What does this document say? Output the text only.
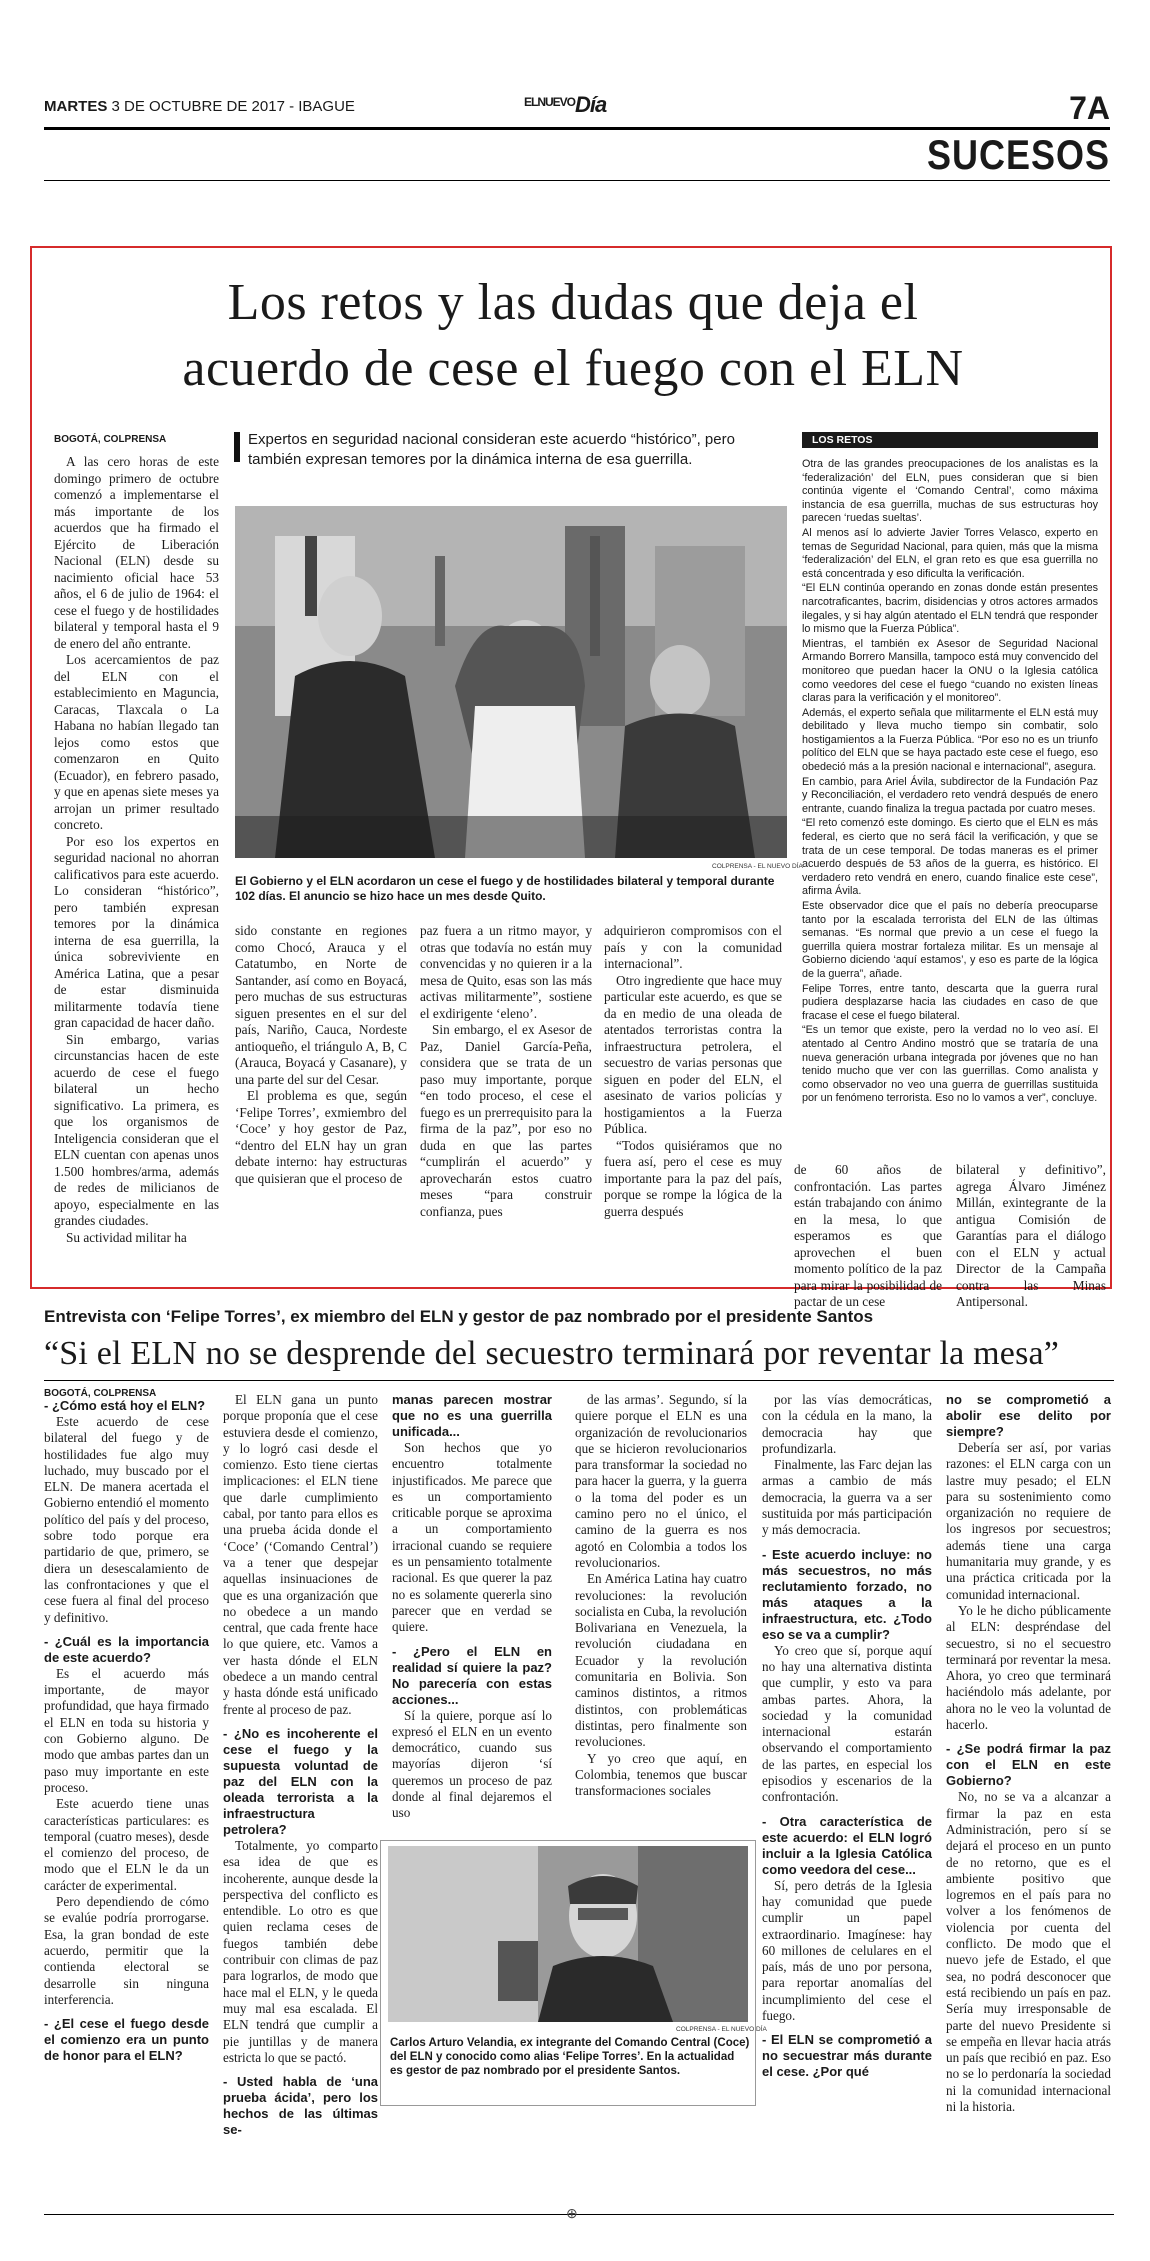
MARTES 3 DE OCTUBRE DE 2017 - IBAGUE	$^{ELNUEVO}$Día	7A
SUCESOS
Los retos y las dudas que deja el
acuerdo de cese el fuego con el ELN
BOGOTÁ, COLPRENSA

A las cero horas de este domingo primero de octubre comenzó a implementarse el más importante de los acuerdos que ha firmado el Ejército de Liberación Nacional (ELN) desde su nacimiento oficial hace 53 años, el 6 de julio de 1964: el cese el fuego y de hostilidades bilateral y temporal hasta el 9 de enero del año entrante.

Los acercamientos de paz del ELN con el establecimiento en Maguncia, Caracas, Tlaxcala o La Habana no habían llegado tan lejos como estos que comenzaron en Quito (Ecuador), en febrero pasado, y que en apenas siete meses ya arrojan un primer resultado concreto.

Por eso los expertos en seguridad nacional no ahorran calificativos para este acuerdo. Lo consideran “histórico”, pero también expresan temores por la dinámica interna de esa guerrilla, la única sobreviviente en América Latina, que a pesar de estar disminuida militarmente todavía tiene gran capacidad de hacer daño.

Sin embargo, varias circunstancias hacen de este acuerdo de cese el fuego bilateral un hecho significativo. La primera, es que los organismos de Inteligencia consideran que el ELN cuentan con apenas unos 1.500 hombres/arma, además de redes de milicianos de apoyo, especialmente en las grandes ciudades.

Su actividad militar ha

Expertos en seguridad nacional consideran este acuerdo “histórico”, pero también expresan temores por la dinámica interna de esa guerrilla.
COLPRENSA - EL NUEVO DÍA
El Gobierno y el ELN acordaron un cese el fuego y de hostilidades bilateral y temporal durante 102 días. El anuncio se hizo hace un mes desde Quito.

sido constante en regiones como Chocó, Arauca y el Catatumbo, en Norte de Santander, así como en Boyacá, pero muchas de sus estructuras siguen presentes en el sur del país, Nariño, Cauca, Nordeste antioqueño, el triángulo A, B, C (Arauca, Boyacá y Casanare), y una parte del sur del Cesar.

El problema es que, según ‘Felipe Torres’, exmiembro del ‘Coce’ y hoy gestor de Paz, “dentro del ELN hay un gran debate interno: hay estructuras que quisieran que el proceso de

paz fuera a un ritmo mayor, y otras que todavía no están muy convencidas y no quieren ir a la mesa de Quito, esas son las más activas militarmente”, sostiene el exdirigente ‘eleno’.

Sin embargo, el ex Asesor de Paz, Daniel García-Peña, considera que se trata de un paso muy importante, porque “en todo proceso, el cese el fuego es un prerrequisito para la firma de la paz”, por eso no duda en que las partes “cumplirán el acuerdo” y aprovecharán estos cuatro meses “para construir confianza, pues

adquirieron compromisos con el país y con la comunidad internacional”.

Otro ingrediente que hace muy particular este acuerdo, es que se da en medio de una oleada de atentados terroristas contra la infraestructura petrolera, el secuestro de varias personas que siguen en poder del ELN, el asesinato de varios policías y hostigamientos a la Fuerza Pública.

“Todos quisiéramos que no fuera así, pero el cese es muy importante para la paz del país, porque se rompe la lógica de la guerra después

de 60 años de confrontación. Las partes están trabajando con ánimo en la mesa, lo que esperamos es que aprovechen el buen momento político de la paz para mirar la posibilidad de pactar de un cese

bilateral y definitivo”, agrega Álvaro Jiménez Millán, exintegrante de la antigua Comisión de Garantías para el diálogo con el ELN y actual Director de la Campaña contra las Minas Antipersonal.

LOS RETOS

Otra de las grandes preocupaciones de los analistas es la ‘federalización’ del ELN, pues consideran que si bien continúa vigente el ‘Comando Central’, como máxima instancia de esa guerrilla, muchas de sus estructuras hoy parecen ‘ruedas sueltas’.

Al menos así lo advierte Javier Torres Velasco, experto en temas de Seguridad Nacional, para quien, más que la misma ‘federalización’ del ELN, el gran reto es que esa guerrilla no está concentrada y eso dificulta la verificación.

“El ELN continúa operando en zonas donde están presentes narcotraficantes, bacrim, disidencias y otros actores armados ilegales, y si hay algún atentado el ELN tendrá que responder lo mismo que la Fuerza Pública”.

Mientras, el también ex Asesor de Seguridad Nacional Armando Borrero Mansilla, tampoco está muy convencido del monitoreo que puedan hacer la ONU o la Iglesia católica como veedores del cese el fuego “cuando no existen líneas claras para la verificación y el monitoreo”.

Además, el experto señala que militarmente el ELN está muy debilitado y lleva mucho tiempo sin combatir, solo hostigamientos a la Fuerza Pública. “Por eso no es un triunfo político del ELN que se haya pactado este cese el fuego, eso obedeció más a la presión nacional e internacional”, asegura.

En cambio, para Ariel Ávila, subdirector de la Fundación Paz y Reconciliación, el verdadero reto vendrá después de enero entrante, cuando finaliza la tregua pactada por cuatro meses.

“El reto comenzó este domingo. Es cierto que el ELN es más federal, es cierto que no será fácil la verificación, y que se trata de un cese temporal. De todas maneras es el primer acuerdo después de 53 años de la guerra, es histórico. El verdadero reto vendrá en enero, cuando finalice este cese”, afirma Ávila.

Este observador dice que el país no debería preocuparse tanto por la escalada terrorista del ELN de las últimas semanas. “Es normal que previo a un cese el fuego la guerrilla quiera mostrar fortaleza militar. Es un mensaje al Gobierno diciendo ‘aquí estamos’, y eso es parte de la lógica de la guerra”, añade.

Felipe Torres, entre tanto, descarta que la guerra rural pudiera desplazarse hacia las ciudades en caso de que fracase el cese el fuego bilateral.

“Es un temor que existe, pero la verdad no lo veo así. El atentado al Centro Andino mostró que se trataría de una nueva generación urbana integrada por jóvenes que no han tenido mucho que ver con las guerrillas. Como analista y como observador no veo una guerra de guerrillas sustituida por un fenómeno terrorista. Eso no lo vamos a ver”, concluye.

Entrevista con ‘Felipe Torres’, ex miembro del ELN y gestor de paz nombrado por el presidente Santos
“Si el ELN no se desprende del secuestro terminará por reventar la mesa”
BOGOTÁ, COLPRENSA

- ¿Cómo está hoy el ELN?

Este acuerdo de cese bilateral del fuego y de hostilidades fue algo muy luchado, muy buscado por el ELN. De manera acertada el Gobierno entendió el momento político del país y del proceso, sobre todo porque era partidario de que, primero, se diera un desescalamiento de las confrontaciones y que el cese fuera al final del proceso y definitivo.

- ¿Cuál es la importancia de este acuerdo?

Es el acuerdo más importante, de mayor profundidad, que haya firmado el ELN en toda su historia y con Gobierno alguno. De modo que ambas partes dan un paso muy importante en este proceso.

Este acuerdo tiene unas características particulares: es temporal (cuatro meses), desde el comienzo del proceso, de modo que el ELN le da un carácter de experimental.

Pero dependiendo de cómo se evalúe podría prorrogarse. Esa, la gran bondad de este acuerdo, permitir que la contienda electoral se desarrolle sin ninguna interferencia.

- ¿El cese el fuego desde el comienzo era un punto de honor para el ELN?

El ELN gana un punto porque proponía que el cese estuviera desde el comienzo, y lo logró casi desde el comienzo. Esto tiene ciertas implicaciones: el ELN tiene que darle cumplimiento cabal, por tanto para ellos es una prueba ácida donde el ‘Coce’ (‘Comando Central’) va a tener que despejar aquellas insinuaciones de que es una organización que no obedece a un mando central, que cada frente hace lo que quiere, etc. Vamos a ver hasta dónde el ELN obedece a un mando central y hasta dónde está unificado frente al proceso de paz.

- ¿No es incoherente el cese el fuego y la supuesta voluntad de paz del ELN con la oleada terrorista a la infraestructura petrolera?

Totalmente, yo comparto esa idea de que es incoherente, aunque desde la perspectiva del conflicto es entendible. Lo otro es que quien reclama ceses de fuegos también debe contribuir con climas de paz para lograrlos, de modo que hace mal el ELN, y le queda muy mal esa escalada. El ELN tendrá que cumplir a pie juntillas y de manera estricta lo que se pactó.

- Usted habla de ‘una prueba ácida’, pero los hechos de las últimas se-

manas parecen mostrar que no es una guerrilla unificada...

Son hechos que yo encuentro totalmente injustificados. Me parece que es un comportamiento criticable porque se aproxima a un comportamiento irracional cuando se requiere es un pensamiento totalmente racional. Es que querer la paz no es solamente quererla sino parecer que en verdad se quiere.

- ¿Pero el ELN en realidad sí quiere la paz? No parecería con estas acciones...

Sí la quiere, porque así lo expresó el ELN en un evento democrático, cuando sus mayorías dijeron ‘sí queremos un proceso de paz donde al final dejaremos el uso

de las armas’. Segundo, sí la quiere porque el ELN es una organización de revolucionarios que se hicieron revolucionarios para transformar la sociedad no para hacer la guerra, y la guerra o la toma del poder es un camino pero no el único, el camino de la guerra es nos agotó en Colombia a todos los revolucionarios.

En América Latina hay cuatro revoluciones: la revolución socialista en Cuba, la revolución Bolivariana en Venezuela, la revolución ciudadana en Ecuador y la revolución comunitaria en Bolivia. Son caminos distintos, a ritmos distintos, con problemáticas distintas, pero finalmente son revoluciones.

Y yo creo que aquí, en Colombia, tenemos que buscar transformaciones sociales

por las vías democráticas, con la cédula en la mano, la democracia hay que profundizarla.

Finalmente, las Farc dejan las armas a cambio de más democracia, la guerra va a ser sustituida por más participación y más democracia.

- Este acuerdo incluye: no más secuestros, no más reclutamiento forzado, no más ataques a la infraestructura, etc. ¿Todo eso se va a cumplir?

Yo creo que sí, porque aquí no hay una alternativa distinta que cumplir, y esto va para ambas partes. Ahora, la sociedad y la comunidad internacional estarán observando el comportamiento de las partes, en especial los episodios y escenarios de la confrontación.

- Otra característica de este acuerdo: el ELN logró incluir a la Iglesia Católica como veedora del cese...

Sí, pero detrás de la Iglesia hay comunidad que puede cumplir un papel extraordinario. Imagínese: hay 60 millones de celulares en el país, más de uno por persona, para reportar anomalías del incumplimiento del cese el fuego.

- El ELN se comprometió a no secuestrar más durante el cese. ¿Por qué

no se comprometió a abolir ese delito por siempre?

Debería ser así, por varias razones: el ELN carga con un lastre muy pesado; el ELN para su sostenimiento como organización no requiere de los ingresos por secuestros; además tiene una carga humanitaria muy grande, y es una práctica criticada por la comunidad internacional.

Yo le he dicho públicamente al ELN: despréndase del secuestro, si no el secuestro terminará por reventar la mesa. Ahora, yo creo que terminará haciéndolo más adelante, por ahora no le veo la voluntad de hacerlo.

- ¿Se podrá firmar la paz con el ELN en este Gobierno?

No, no se va a alcanzar a firmar la paz en esta Administración, pero sí se dejará el proceso en un punto de no retorno, que es el ambiente positivo que logremos en el país para no volver a los fenómenos de violencia por cuenta del conflicto. De modo que el nuevo jefe de Estado, el que sea, no podrá desconocer que está recibiendo un país en paz. Sería muy irresponsable de parte del nuevo Presidente si se empeña en llevar hacia atrás un país que recibió en paz. Eso no se lo perdonaría la sociedad ni la comunidad internacional ni la historia.

COLPRENSA - EL NUEVO DÍA
Carlos Arturo Velandia, ex integrante del Comando Central (Coce) del ELN y conocido como alias ‘Felipe Torres’. En la actualidad es gestor de paz nombrado por el presidente Santos.
⊕
